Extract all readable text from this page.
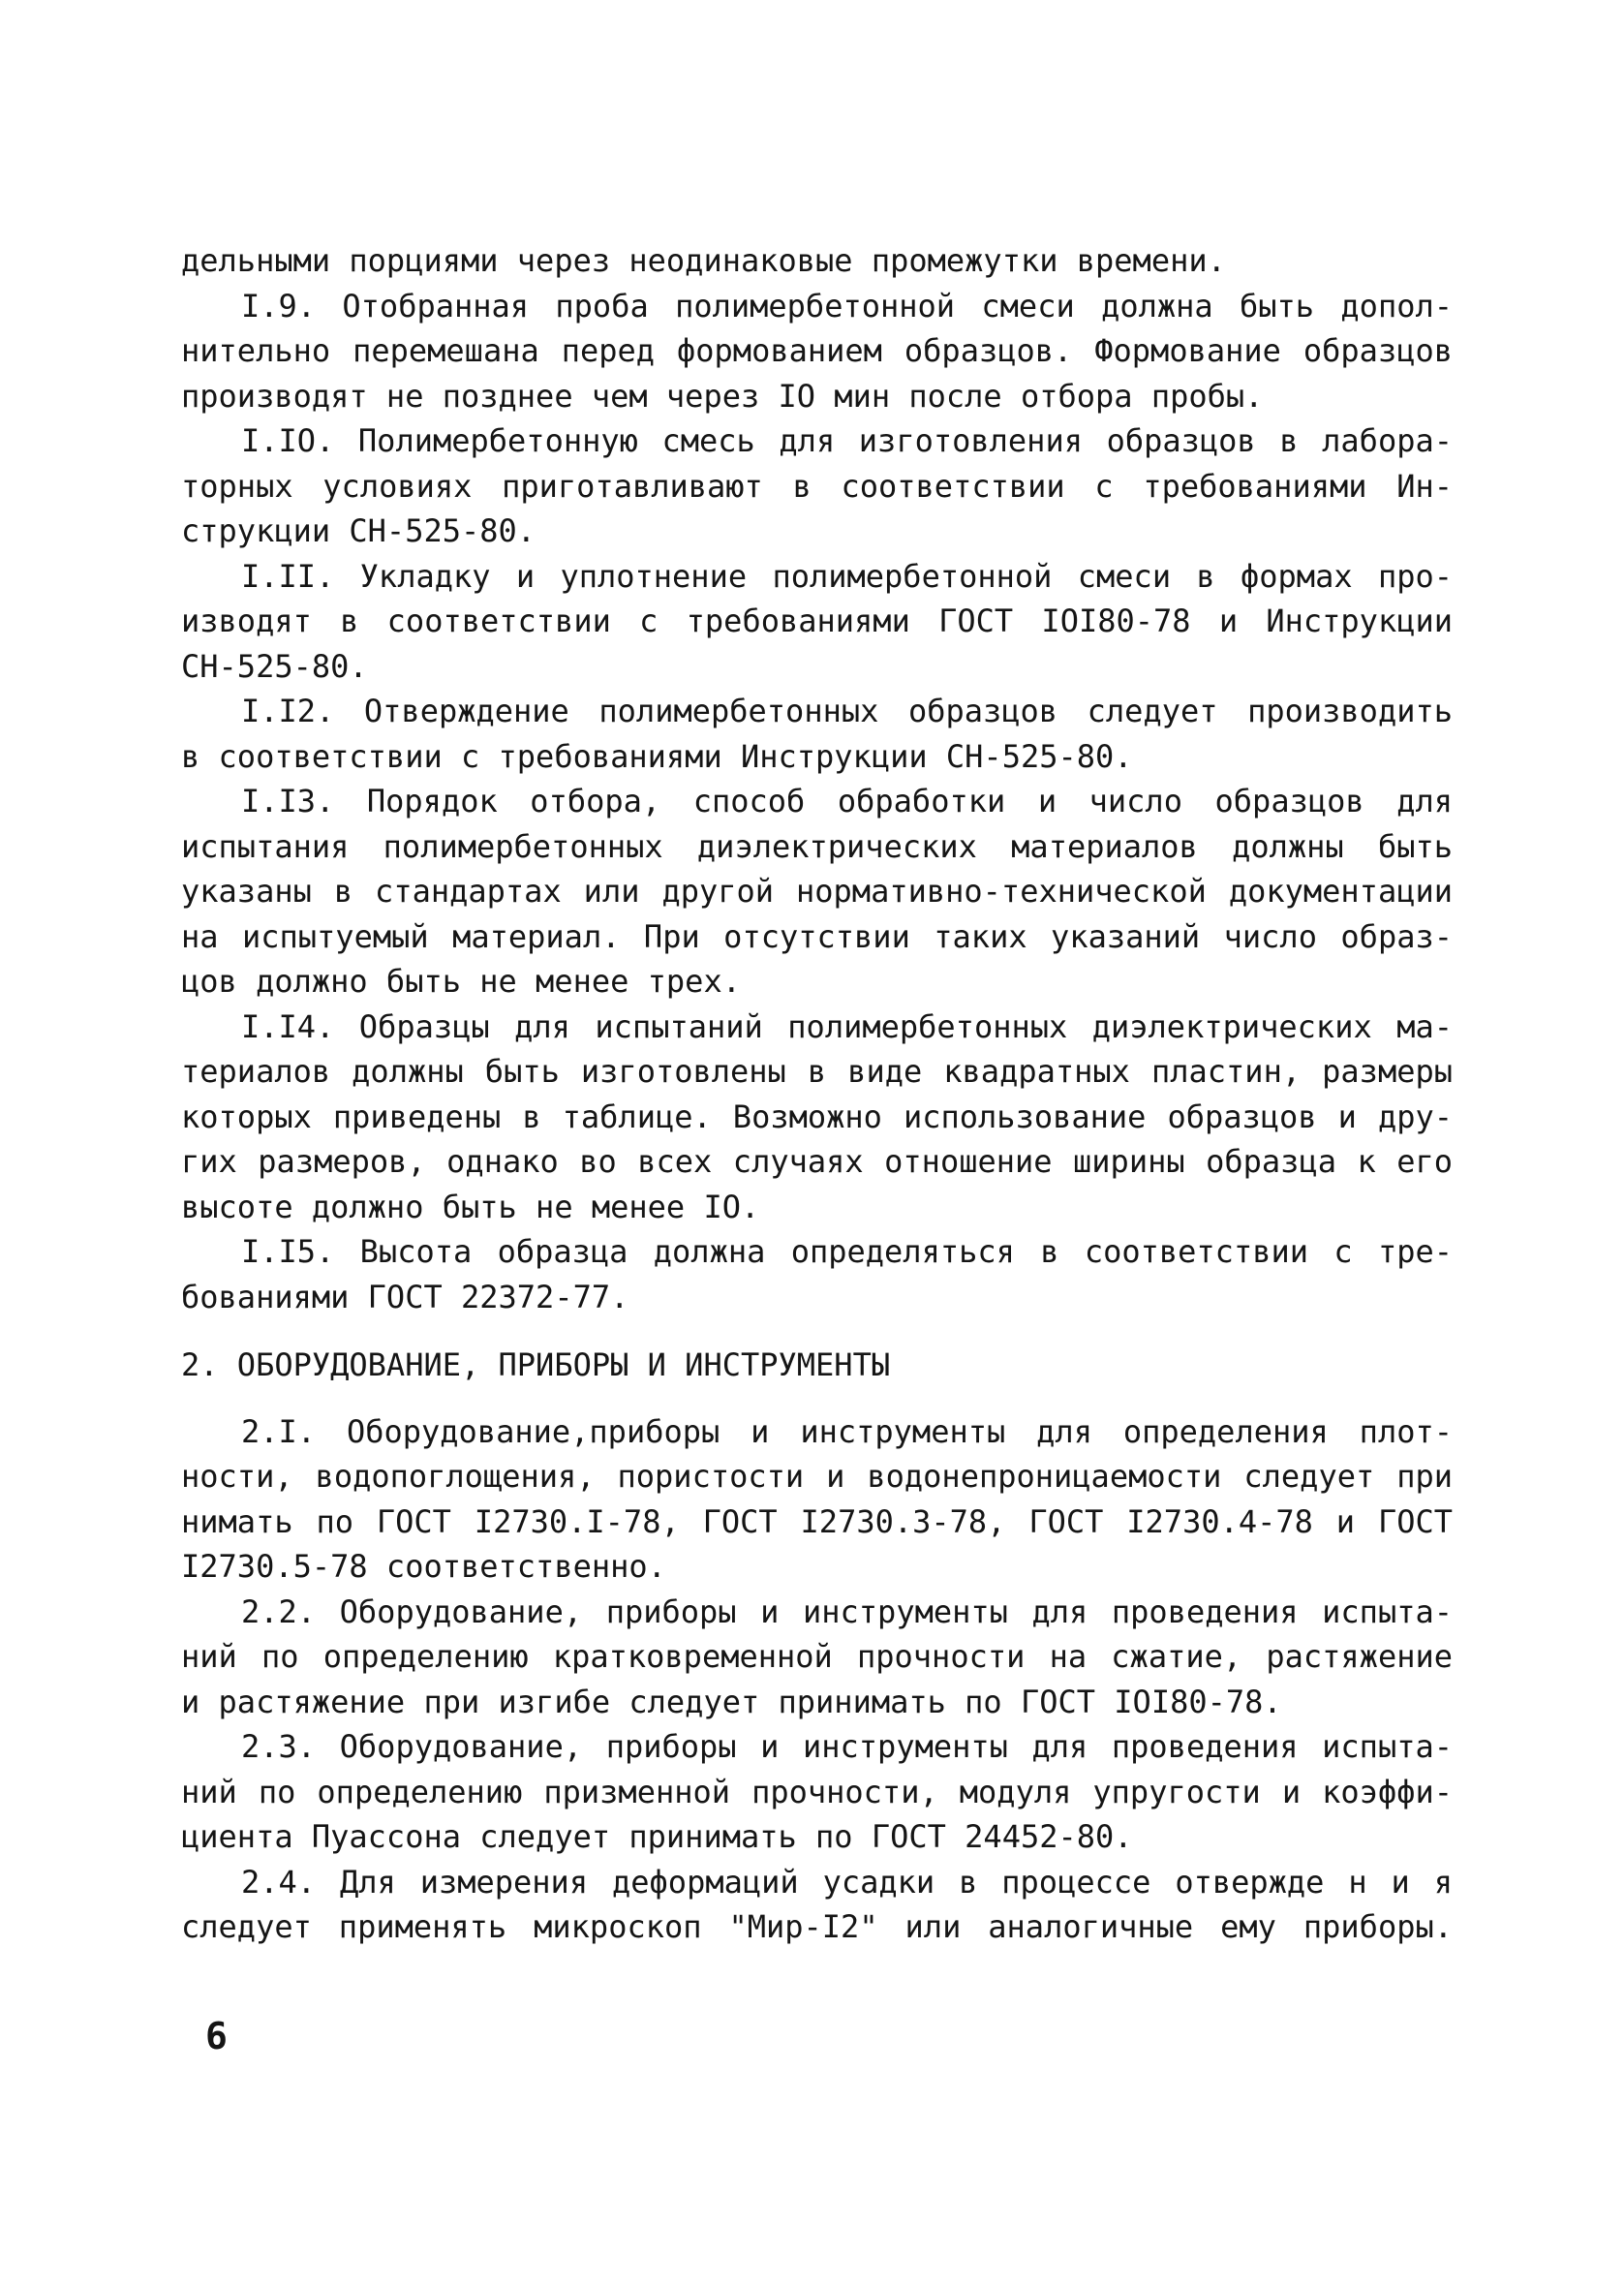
дельными порциями через неодинаковые промежутки времени.
I.9. Отобранная проба полимербетонной смеси должна быть допол-
нительно перемешана перед формованием образцов. Формование образцов
производят не позднее чем через IO мин после отбора пробы.
I.IO. Полимербетонную смесь для изготовления образцов в лабора-
торных условиях приготавливают в соответствии с требованиями Ин-
струкции СН-525-80.
I.II. Укладку и уплотнение полимербетонной смеси в формах про-
изводят в соответствии с требованиями ГОСТ IOI80-78 и Инструкции
СН-525-80.
I.I2. Отверждение полимербетонных образцов следует производить
в соответствии с требованиями Инструкции СН-525-80.
I.I3. Порядок отбора, способ обработки и число образцов для
испытания полимербетонных диэлектрических материалов должны быть
указаны в стандартах или другой нормативно-технической документации
на испытуемый материал. При отсутствии таких указаний число образ-
цов должно быть не менее трех.
I.I4. Образцы для испытаний полимербетонных диэлектрических ма-
териалов должны быть изготовлены в виде квадратных пластин, размеры
которых приведены в таблице. Возможно использование образцов и дру-
гих размеров, однако во всех случаях отношение ширины образца к его
высоте должно быть не менее IO.
I.I5. Высота образца должна определяться в соответствии с тре-
бованиями ГОСТ 22372-77.
2. ОБОРУДОВАНИЕ, ПРИБОРЫ И ИНСТРУМЕНТЫ
2.I. Оборудование,приборы и инструменты для определения плот-
ности, водопоглощения, пористости и водонепроницаемости следует при
нимать по ГОСТ I2730.I-78, ГОСТ I2730.3-78, ГОСТ I2730.4-78 и ГОСТ
I2730.5-78 соответственно.
2.2. Оборудование, приборы и инструменты для проведения испыта-
ний по определению кратковременной прочности на сжатие, растяжение
и растяжение при изгибе следует принимать по ГОСТ IOI80-78.
2.3. Оборудование, приборы и инструменты для проведения испыта-
ний по определению призменной прочности, модуля упругости и коэффи-
циента Пуассона следует принимать по ГОСТ 24452-80.
2.4. Для измерения деформаций усадки в процессе отвержде н и я
следует применять микроскоп "Мир-I2" или аналогичные ему приборы.
6
